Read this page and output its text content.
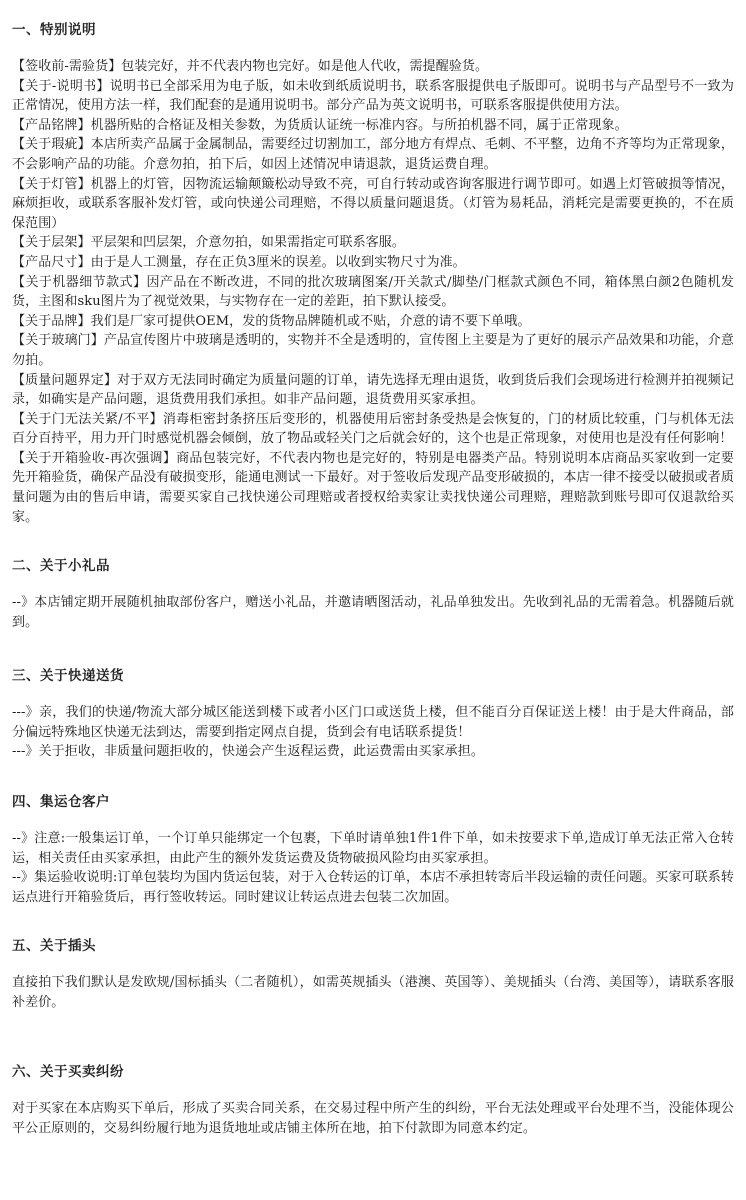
一、特别说明

【签收前-需验货】包装完好，并不代表内物也完好。如是他人代收，需提醒验货。

【关于-说明书】说明书已全部采用为电子版，如未收到纸质说明书，联系客服提供电子版即可。说明书与产品型号不一致为正常情况，使用方法一样，我们配套的是通用说明书。部分产品为英文说明书，可联系客服提供使用方法。

【产品铭牌】机器所贴的合格证及相关参数，为货质认证统一标准内容。与所拍机器不同，属于正常现象。

【关于瑕疵】本店所卖产品属于金属制品，需要经过切割加工，部分地方有焊点、毛刺、不平整，边角不齐等均为正常现象，不会影响产品的功能。介意勿拍，拍下后，如因上述情况申请退款，退货运费自理。

【关于灯管】机器上的灯管，因物流运输颠簸松动导致不亮，可自行转动或咨询客服进行调节即可。如遇上灯管破损等情况，麻烦拒收，或联系客服补发灯管，或向快递公司理赔，不得以质量问题退货。（灯管为易耗品，消耗完是需要更换的，不在质保范围）

【关于层架】平层架和凹层架，介意勿拍，如果需指定可联系客服。

【产品尺寸】由于是人工测量，存在正负3厘米的误差。以收到实物尺寸为准。

【关于机器细节款式】因产品在不断改进，不同的批次玻璃图案/开关款式/脚垫/门框款式颜色不同，箱体黑白颜2色随机发货，主图和sku图片为了视觉效果，与实物存在一定的差距，拍下默认接受。

【关于品牌】我们是厂家可提供OEM，发的货物品牌随机或不贴，介意的请不要下单哦。

【关于玻璃门】产品宣传图片中玻璃是透明的，实物并不全是透明的，宣传图上主要是为了更好的展示产品效果和功能，介意勿拍。

【质量问题界定】对于双方无法同时确定为质量问题的订单，请先选择无理由退货，收到货后我们会现场进行检测并拍视频记录，如确实是产品问题，退货费用我们承担。如非产品问题，退货费用买家承担。

【关于门无法关紧/不平】消毒柜密封条挤压后变形的，机器使用后密封条受热是会恢复的，门的材质比较重，门与机体无法百分百持平，用力开门时感觉机器会倾倒，放了物品或轻关门之后就会好的，这个也是正常现象，对使用也是没有任何影响！

【关于开箱验收-再次强调】商品包装完好，不代表内物也是完好的，特别是电器类产品。特别说明本店商品买家收到一定要先开箱验货，确保产品没有破损变形，能通电测试一下最好。对于签收后发现产品变形破损的，本店一律不接受以破损或者质量问题为由的售后申请，需要买家自己找快递公司理赔或者授权给卖家让卖找快递公司理赔，理赔款到账号即可仅退款给买家。

二、关于小礼品

--》本店铺定期开展随机抽取部份客户，赠送小礼品，并邀请晒图活动，礼品单独发出。先收到礼品的无需着急。机器随后就到。

三、关于快递送货

---》亲，我们的快递/物流大部分城区能送到楼下或者小区门口或送货上楼，但不能百分百保证送上楼！由于是大件商品，部分偏远特殊地区快递无法到达，需要到指定网点自提，货到会有电话联系提货！

---》关于拒收，非质量问题拒收的，快递会产生返程运费，此运费需由买家承担。

四、集运仓客户

--》注意:一般集运订单，一个订单只能绑定一个包裹，下单时请单独1件1件下单，如未按要求下单,造成订单无法正常入仓转运，相关责任由买家承担，由此产生的额外发货运费及货物破损风险均由买家承担。

--》集运验收说明:订单包装均为国内货运包装，对于入仓转运的订单，本店不承担转寄后半段运输的责任问题。买家可联系转运点进行开箱验货后，再行签收转运。同时建议让转运点进去包装二次加固。

五、关于插头

直接拍下我们默认是发欧规/国标插头（二者随机），如需英规插头（港澳、英国等）、美规插头（台湾、美国等），请联系客服补差价。

六、关于买卖纠纷

对于买家在本店购买下单后，形成了买卖合同关系，在交易过程中所产生的纠纷，平台无法处理或平台处理不当，没能体现公平公正原则的，交易纠纷履行地为退货地址或店铺主体所在地，拍下付款即为同意本约定。
